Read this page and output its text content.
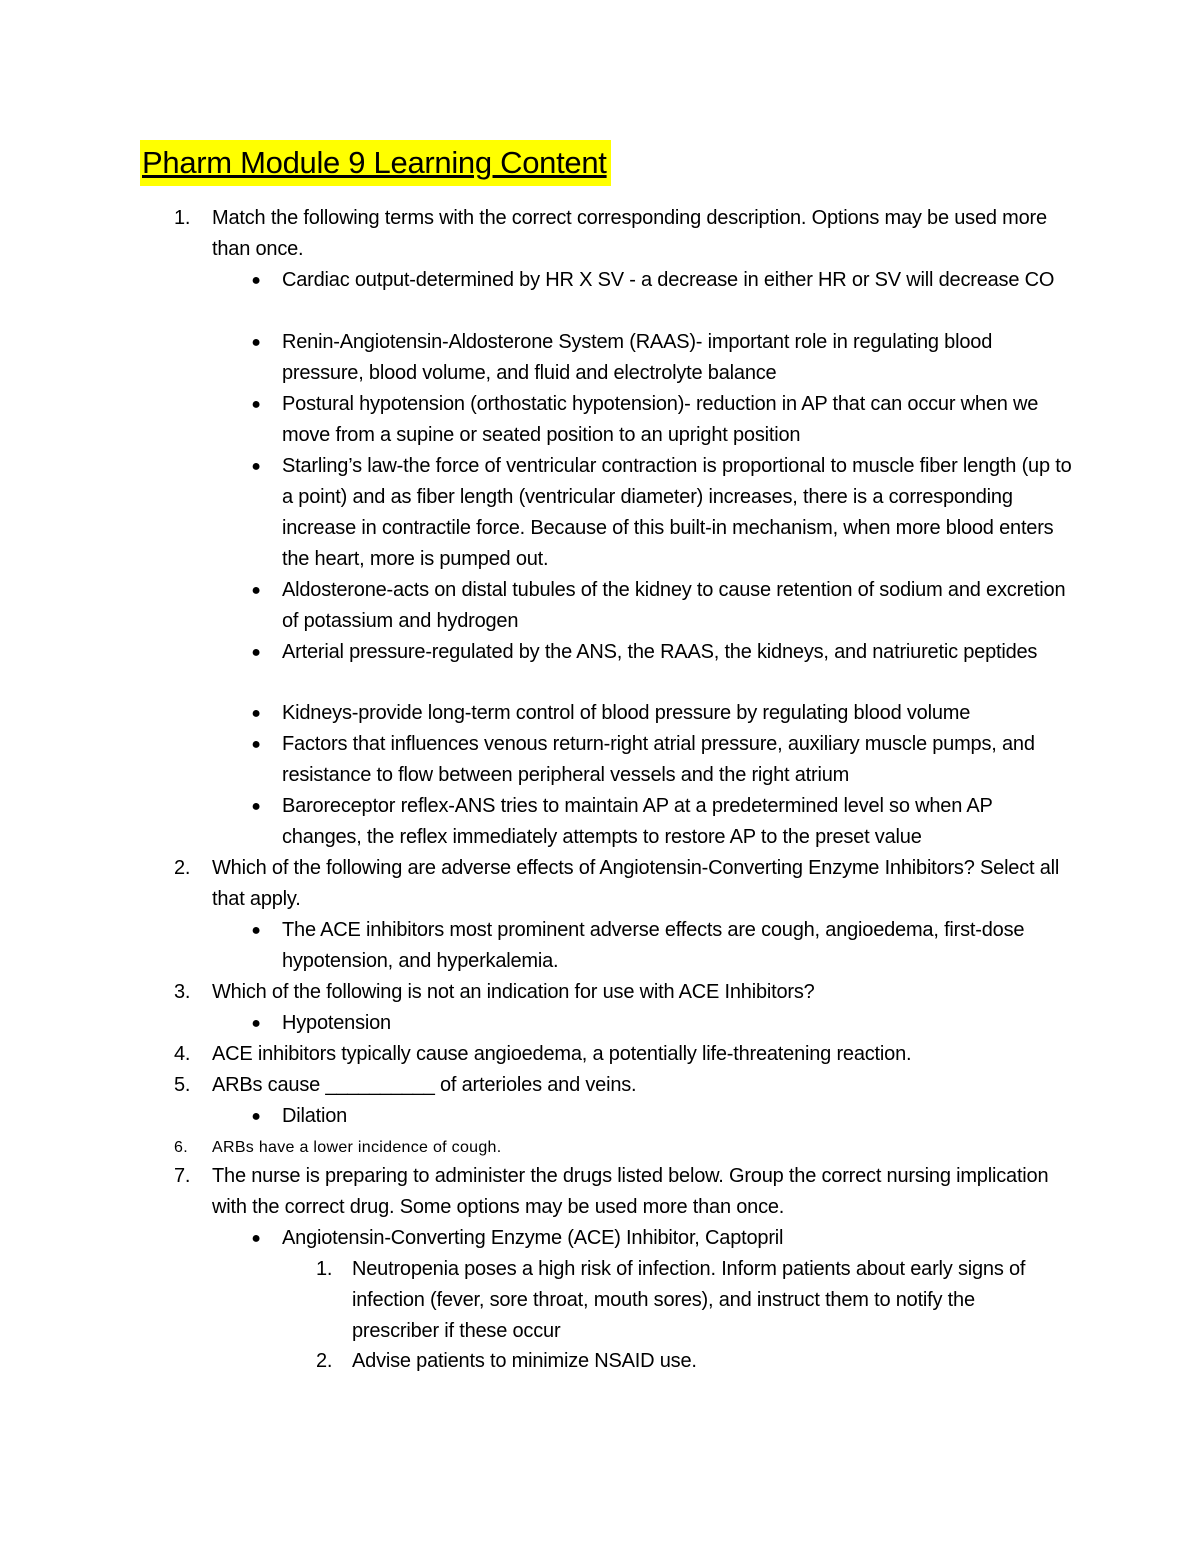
Pharm Module 9 Learning Content
1.	Match the following terms with the correct corresponding description. Options may be used more than once.
● Cardiac output-determined by HR X SV - a decrease in either HR or SV will decrease CO
● Renin-Angiotensin-Aldosterone System (RAAS)- important role in regulating blood pressure, blood volume, and fluid and electrolyte balance
● Postural hypotension (orthostatic hypotension)- reduction in AP that can occur when we move from a supine or seated position to an upright position
● Starling’s law-the force of ventricular contraction is proportional to muscle fiber length (up to a point) and as fiber length (ventricular diameter) increases, there is a corresponding increase in contractile force. Because of this built-in mechanism, when more blood enters the heart, more is pumped out.
● Aldosterone-acts on distal tubules of the kidney to cause retention of sodium and excretion of potassium and hydrogen
● Arterial pressure-regulated by the ANS, the RAAS, the kidneys, and natriuretic peptides
● Kidneys-provide long-term control of blood pressure by regulating blood volume
● Factors that influences venous return-right atrial pressure, auxiliary muscle pumps, and resistance to flow between peripheral vessels and the right atrium
● Baroreceptor reflex-ANS tries to maintain AP at a predetermined level so when AP changes, the reflex immediately attempts to restore AP to the preset value
2.	Which of the following are adverse effects of Angiotensin-Converting Enzyme Inhibitors? Select all that apply.
● The ACE inhibitors most prominent adverse effects are cough, angioedema, first-dose hypotension, and hyperkalemia.
3.	Which of the following is not an indication for use with ACE Inhibitors?
● Hypotension
4.	ACE inhibitors typically cause angioedema, a potentially life-threatening reaction.
5.	ARBs cause __________ of arterioles and veins.
● Dilation
6.	ARBs have a lower incidence of cough.
7.	The nurse is preparing to administer the drugs listed below. Group the correct nursing implication with the correct drug. Some options may be used more than once.
● Angiotensin-Converting Enzyme (ACE) Inhibitor, Captopril
1. Neutropenia poses a high risk of infection. Inform patients about early signs of infection (fever, sore throat, mouth sores), and instruct them to notify the prescriber if these occur
2. Advise patients to minimize NSAID use.
